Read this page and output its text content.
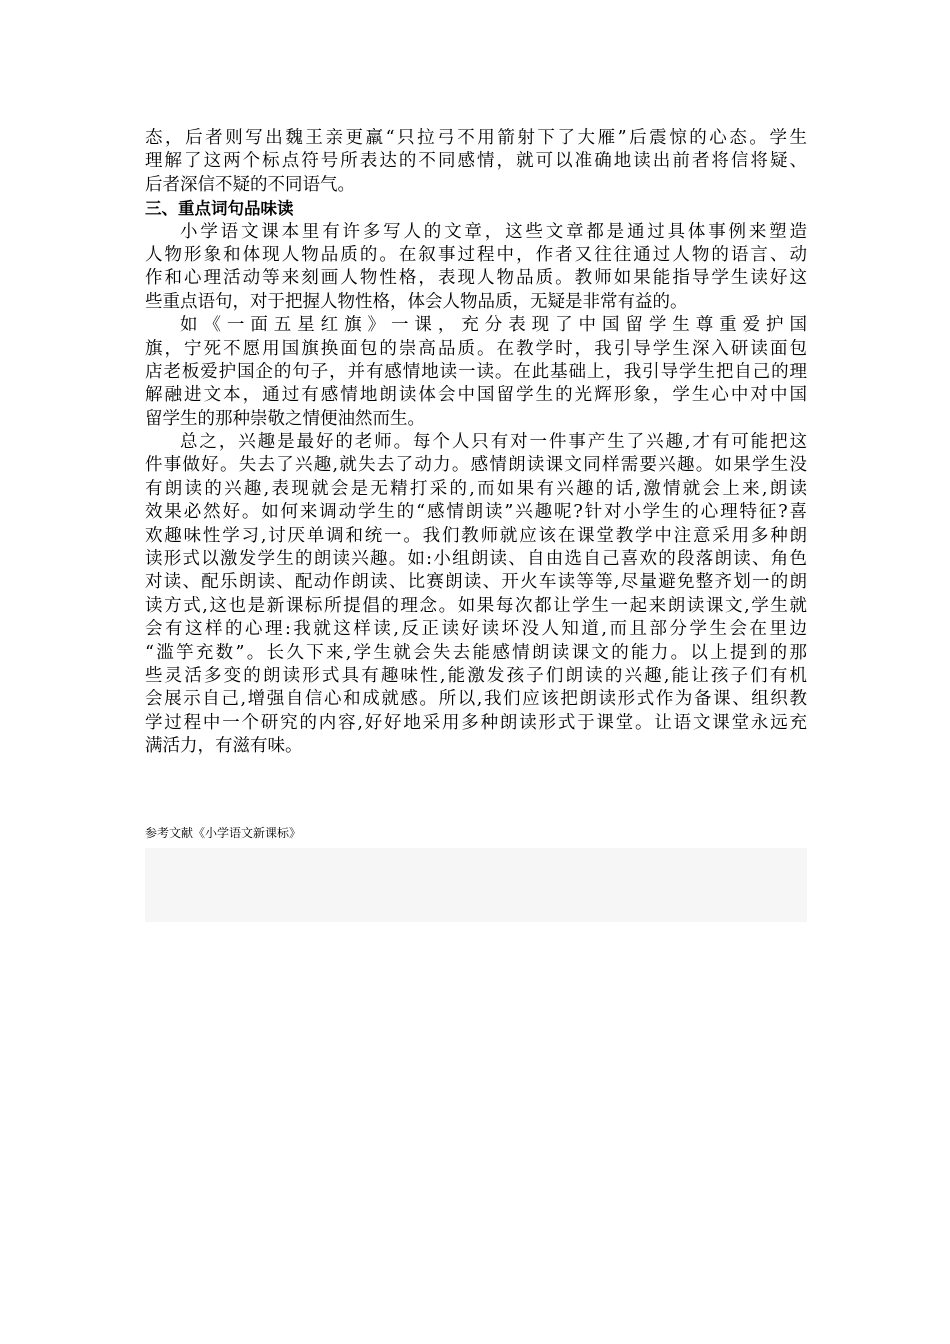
态，后者则写出魏王亲更羸“只拉弓不用箭射下了大雁”后震惊的心态。学生
理解了这两个标点符号所表达的不同感情，就可以准确地读出前者将信将疑、
后者深信不疑的不同语气。
三、重点词句品味读
小学语文课本里有许多写人的文章，这些文章都是通过具体事例来塑造
人物形象和体现人物品质的。在叙事过程中，作者又往往通过人物的语言、动
作和心理活动等来刻画人物性格，表现人物品质。教师如果能指导学生读好这
些重点语句，对于把握人物性格，体会人物品质，无疑是非常有益的。
如《一面五星红旗》一课，充分表现了中国留学生尊重爱护国
旗，宁死不愿用国旗换面包的崇高品质。在教学时，我引导学生深入研读面包
店老板爱护国企的句子，并有感情地读一读。在此基础上，我引导学生把自己的理
解融进文本，通过有感情地朗读体会中国留学生的光辉形象，学生心中对中国
留学生的那种崇敬之情便油然而生。
总之，兴趣是最好的老师。每个人只有对一件事产生了兴趣,才有可能把这
件事做好。失去了兴趣,就失去了动力。感情朗读课文同样需要兴趣。如果学生没
有朗读的兴趣,表现就会是无精打采的,而如果有兴趣的话,激情就会上来,朗读
效果必然好。如何来调动学生的“感情朗读”兴趣呢?针对小学生的心理特征?喜
欢趣味性学习,讨厌单调和统一。我们教师就应该在课堂教学中注意采用多种朗
读形式以激发学生的朗读兴趣。如:小组朗读、自由选自己喜欢的段落朗读、角色
对读、配乐朗读、配动作朗读、比赛朗读、开火车读等等,尽量避免整齐划一的朗
读方式,这也是新课标所提倡的理念。如果每次都让学生一起来朗读课文,学生就
会有这样的心理:我就这样读,反正读好读坏没人知道,而且部分学生会在里边
“滥竽充数”。长久下来,学生就会失去能感情朗读课文的能力。以上提到的那
些灵活多变的朗读形式具有趣味性,能激发孩子们朗读的兴趣,能让孩子们有机
会展示自己,增强自信心和成就感。所以,我们应该把朗读形式作为备课、组织教
学过程中一个研究的内容,好好地采用多种朗读形式于课堂。让语文课堂永远充
满活力，有滋有味。
参考文献《小学语文新课标》
